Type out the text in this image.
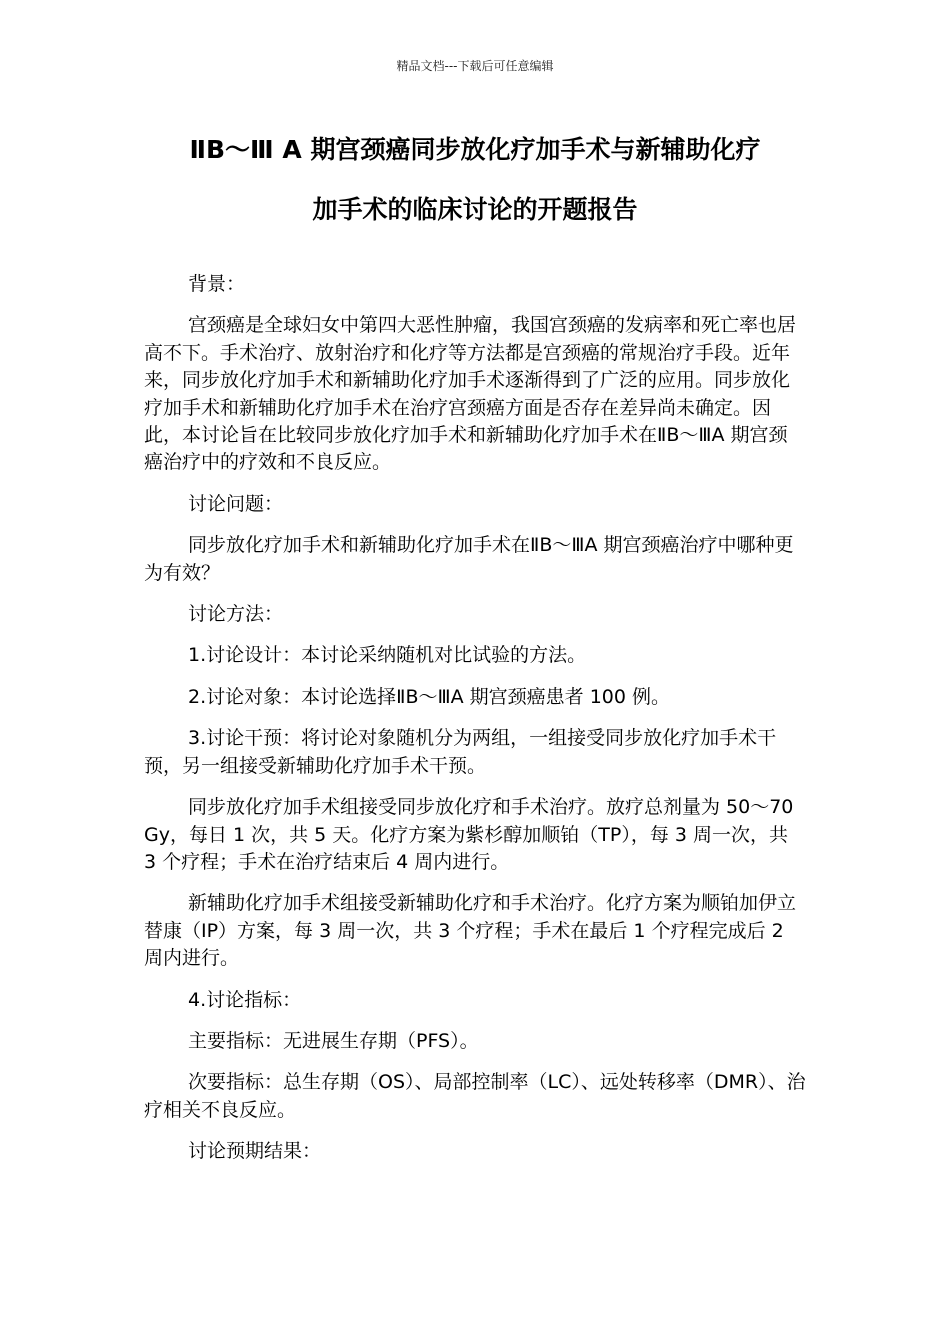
精品文档---下载后可任意编辑
ⅡB～Ⅲ A 期宫颈癌同步放化疗加手术与新辅助化疗
加手术的临床讨论的开题报告

背景：

宫颈癌是全球妇女中第四大恶性肿瘤，我国宫颈癌的发病率和死亡率也居高不下。手术治疗、放射治疗和化疗等方法都是宫颈癌的常规治疗手段。近年来，同步放化疗加手术和新辅助化疗加手术逐渐得到了广泛的应用。同步放化疗加手术和新辅助化疗加手术在治疗宫颈癌方面是否存在差异尚未确定。因此，本讨论旨在比较同步放化疗加手术和新辅助化疗加手术在ⅡB～ⅢA 期宫颈癌治疗中的疗效和不良反应。

讨论问题：

同步放化疗加手术和新辅助化疗加手术在ⅡB～ⅢA 期宫颈癌治疗中哪种更为有效？

讨论方法：

1.讨论设计：本讨论采纳随机对比试验的方法。

2.讨论对象：本讨论选择ⅡB～ⅢA 期宫颈癌患者 100 例。

3.讨论干预：将讨论对象随机分为两组，一组接受同步放化疗加手术干预，另一组接受新辅助化疗加手术干预。

同步放化疗加手术组接受同步放化疗和手术治疗。放疗总剂量为 50～70Gy，每日 1 次，共 5 天。化疗方案为紫杉醇加顺铂（TP），每 3 周一次，共 3 个疗程；手术在治疗结束后 4 周内进行。

新辅助化疗加手术组接受新辅助化疗和手术治疗。化疗方案为顺铂加伊立替康（IP）方案，每 3 周一次，共 3 个疗程；手术在最后 1 个疗程完成后 2 周内进行。

4.讨论指标：

主要指标：无进展生存期（PFS）。

次要指标：总生存期（OS）、局部控制率（LC）、远处转移率（DMR）、治疗相关不良反应。

讨论预期结果：
